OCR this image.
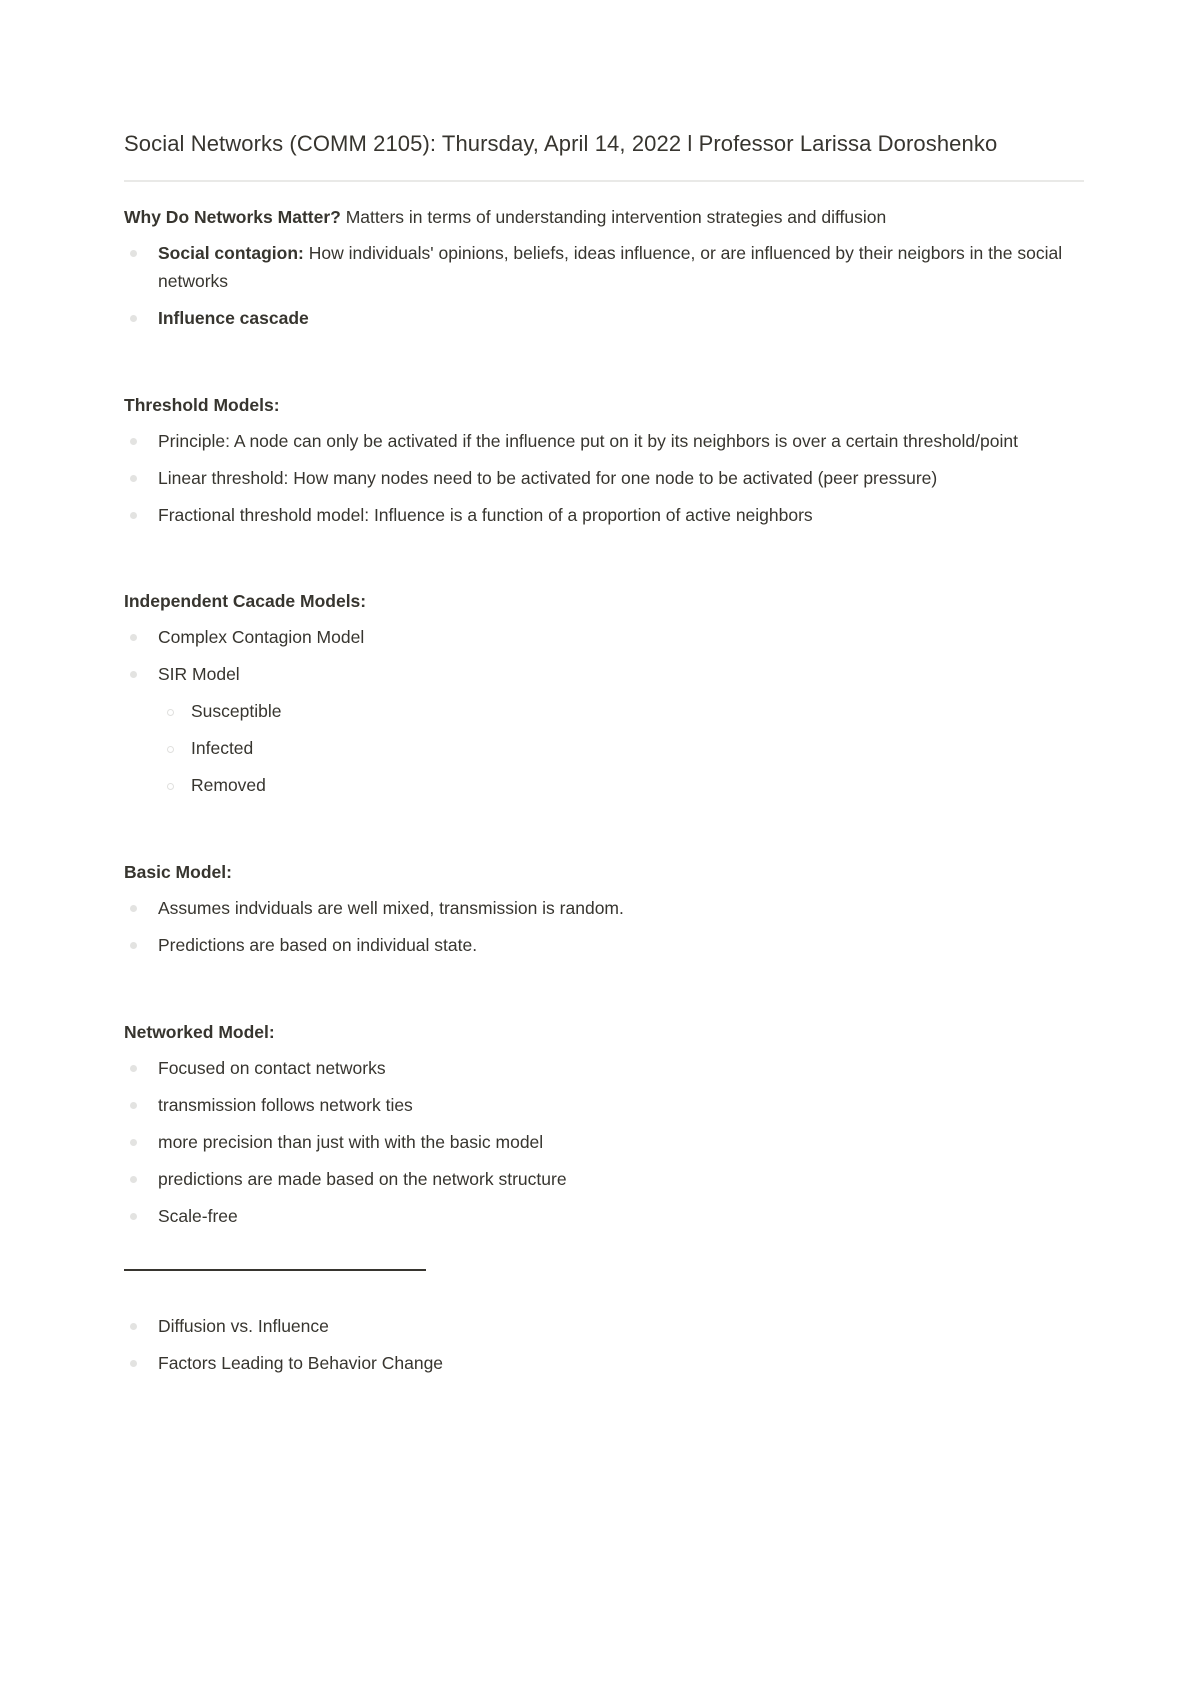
Social Networks (COMM 2105): Thursday, April 14, 2022 l Professor Larissa Doroshenko

Why Do Networks Matter? Matters in terms of understanding intervention strategies and diffusion

Social contagion: How individuals' opinions, beliefs, ideas influence, or are influenced by their neigbors in the social networks
Influence cascade
Threshold Models:
Principle: A node can only be activated if the influence put on it by its neighbors is over a certain threshold/point
Linear threshold: How many nodes need to be activated for one node to be activated (peer pressure)
Fractional threshold model: Influence is a function of a proportion of active neighbors
Independent Cacade Models:
Complex Contagion Model
SIR Model
Susceptible
Infected
Removed
Basic Model:
Assumes indviduals are well mixed, transmission is random.
Predictions are based on individual state.
Networked Model:
Focused on contact networks
transmission follows network ties
more precision than just with with the basic model
predictions are made based on the network structure
Scale-free
Diffusion vs. Influence
Factors Leading to Behavior Change
